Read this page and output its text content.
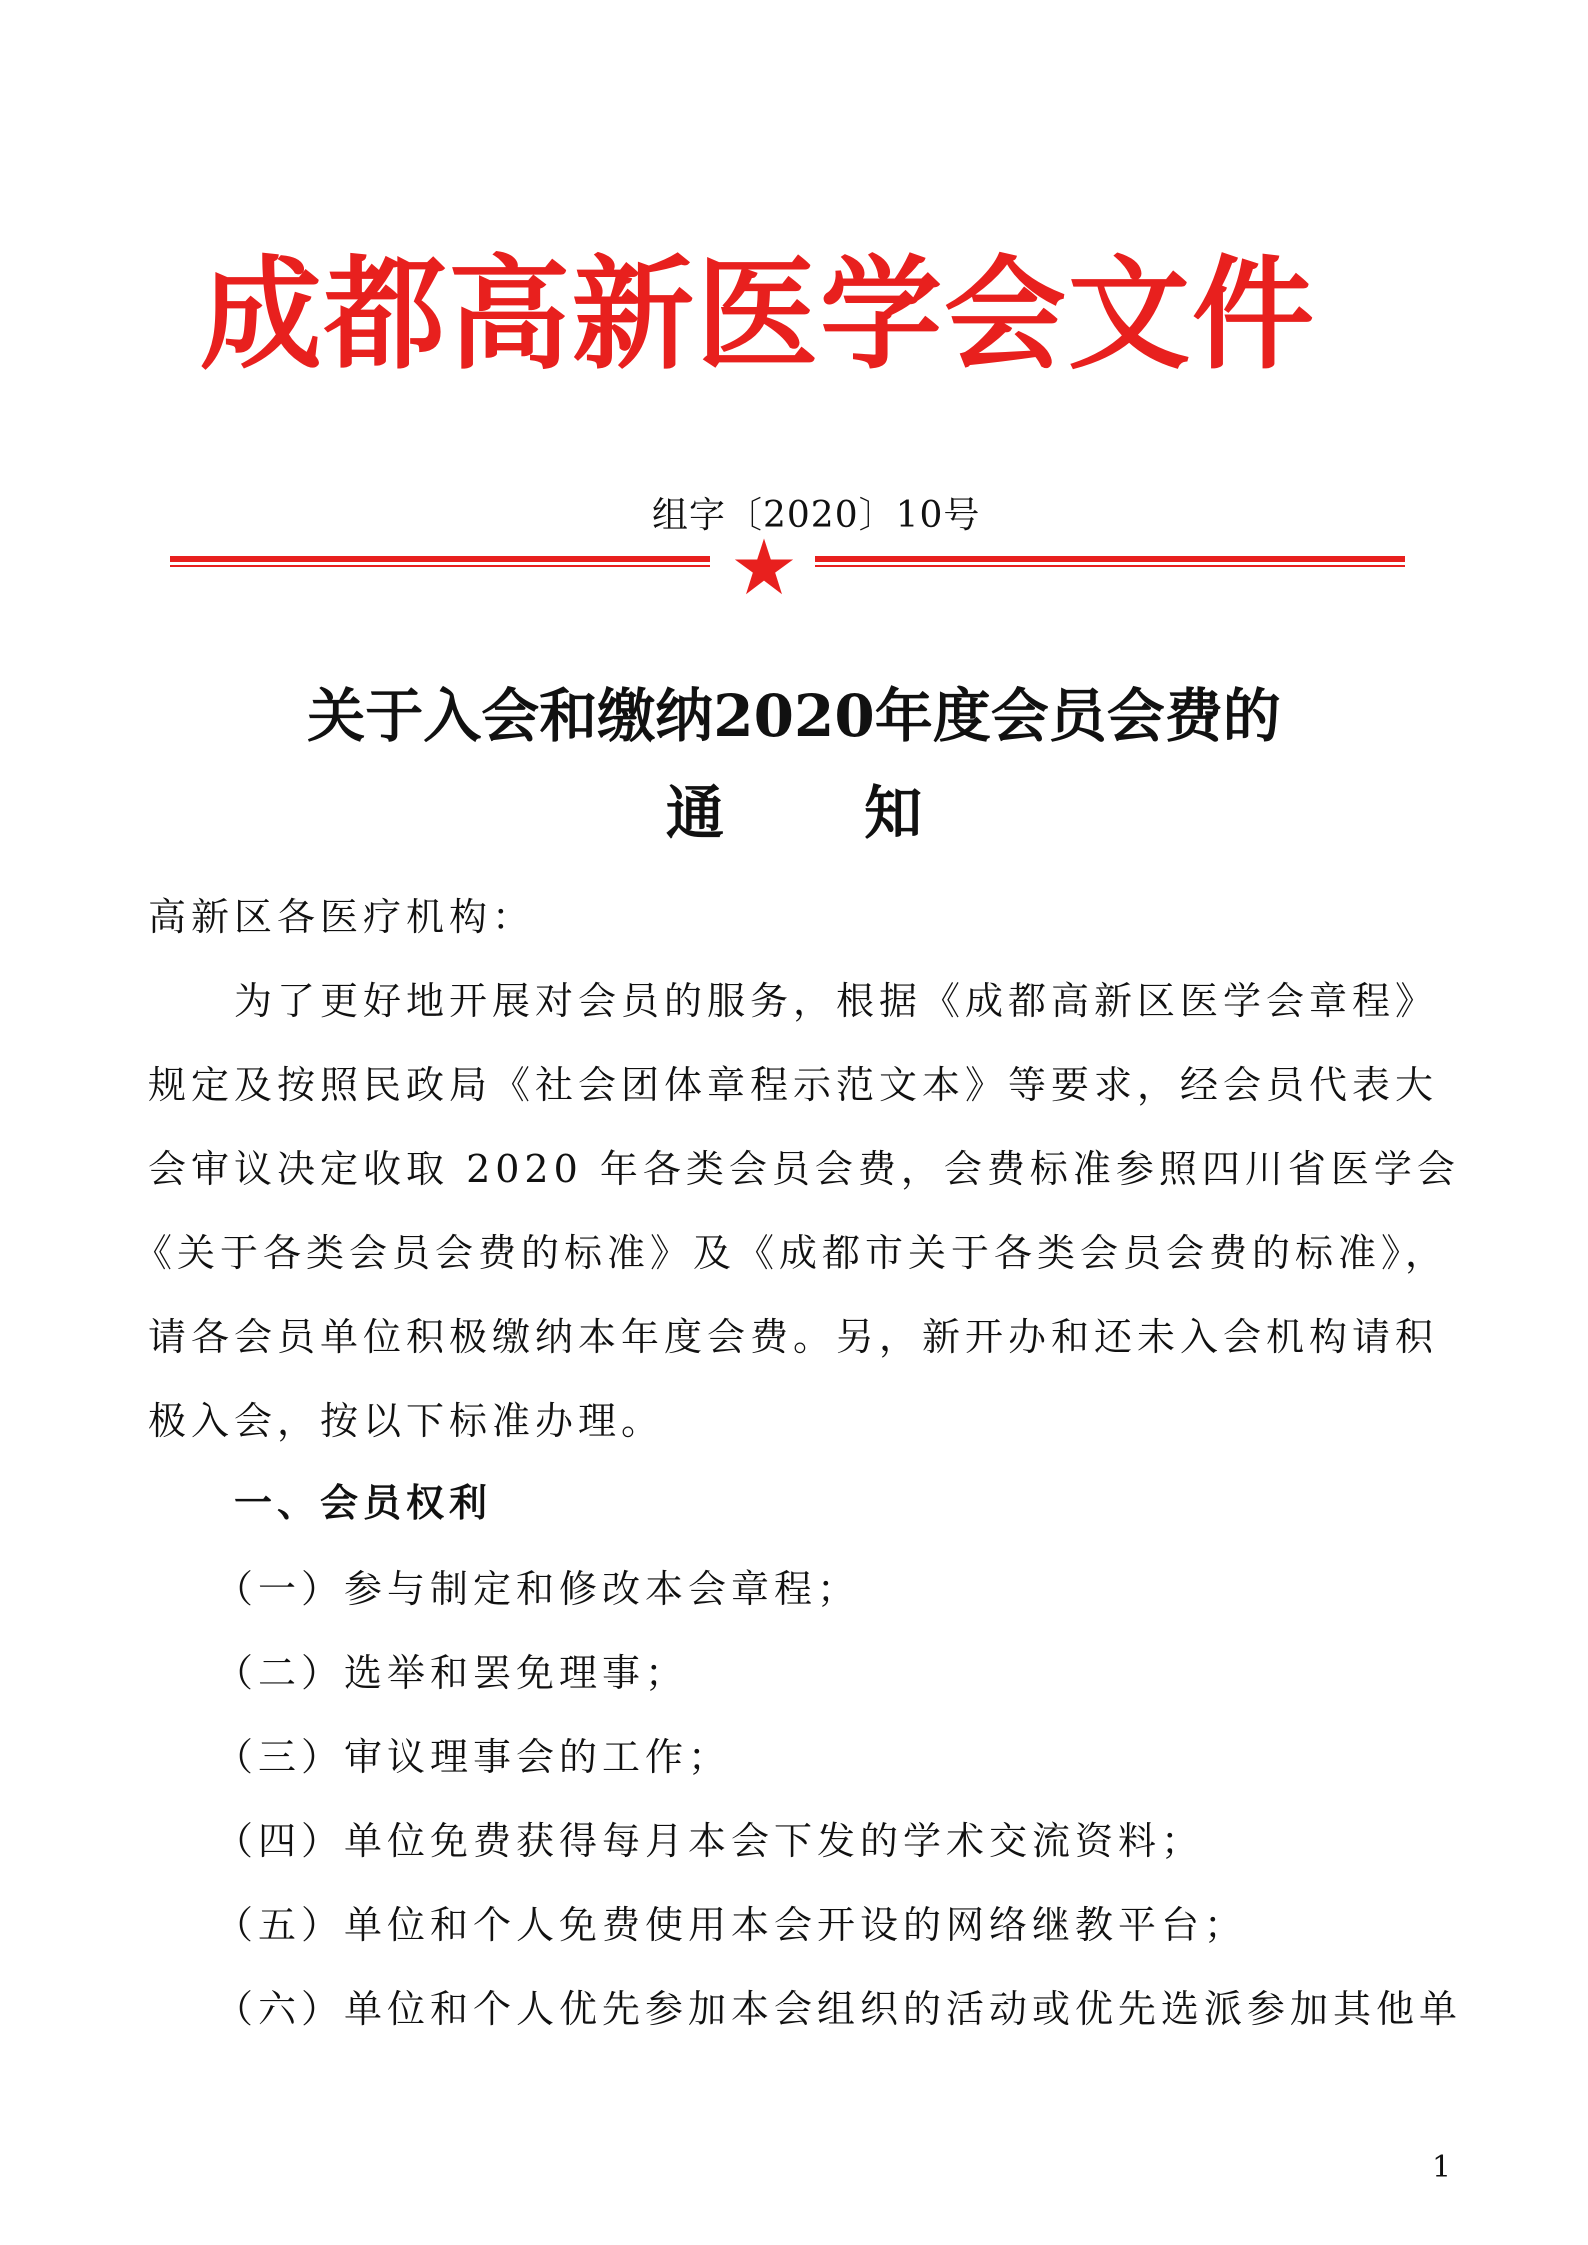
成都高新医学会文件
组字〔2020〕10号
关于入会和缴纳2020年度会员会费的
通 知
高新区各医疗机构：
为了更好地开展对会员的服务，根据《成都高新区医学会章程》
规定及按照民政局《社会团体章程示范文本》等要求，经会员代表大
会审议决定收取 2020 年各类会员会费，会费标准参照四川省医学会
《关于各类会员会费的标准》及《成都市关于各类会员会费的标准》，
请各会员单位积极缴纳本年度会费。另，新开办和还未入会机构请积
极入会，按以下标准办理。
一、会员权利
（一）参与制定和修改本会章程；
（二）选举和罢免理事；
（三）审议理事会的工作；
（四）单位免费获得每月本会下发的学术交流资料；
（五）单位和个人免费使用本会开设的网络继教平台；
（六）单位和个人优先参加本会组织的活动或优先选派参加其他单
1
